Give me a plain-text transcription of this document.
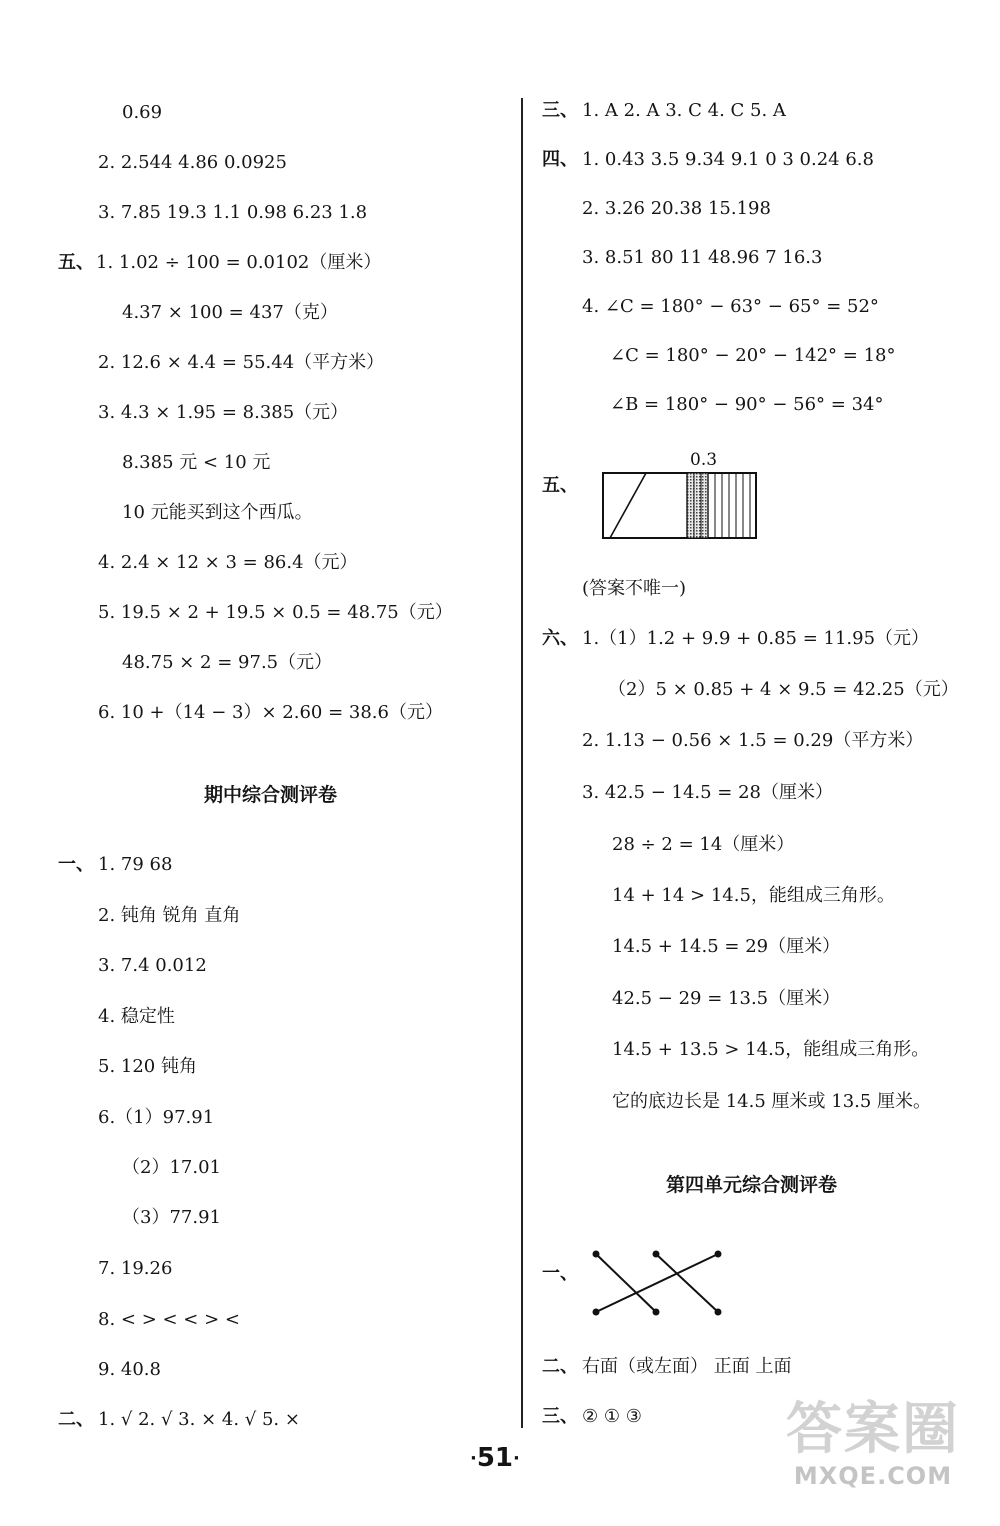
0.69
2. 2.544 4.86 0.0925
3. 7.85 19.3 1.1 0.98 6.23 1.8
五、 1. 1.02 ÷ 100 = 0.0102（厘米）
4.37 × 100 = 437（克）
2. 12.6 × 4.4 = 55.44（平方米）
3. 4.3 × 1.95 = 8.385（元）
8.385 元 < 10 元
10 元能买到这个西瓜。
4. 2.4 × 12 × 3 = 86.4（元）
5. 19.5 × 2 + 19.5 × 0.5 = 48.75（元）
48.75 × 2 = 97.5（元）
6. 10 +（14 − 3）× 2.60 = 38.6（元）
期中综合测评卷
一、 1. 79 68
2. 钝角 锐角 直角
3. 7.4 0.012
4. 稳定性
5. 120 钝角
6.（1）97.91
（2）17.01
（3）77.91
7. 19.26
8. < > < < > <
9. 40.8
二、 1. √ 2. √ 3. × 4. √ 5. ×
三、 1. A 2. A 3. C 4. C 5. A
四、 1. 0.43 3.5 9.34 9.1 0 3 0.24 6.8
2. 3.26 20.38 15.198
3. 8.51 80 11 48.96 7 16.3
4. ∠C = 180° − 63° − 65° = 52°
∠C = 180° − 20° − 142° = 18°
∠B = 180° − 90° − 56° = 34°
五、
0.3
(答案不唯一)
六、 1.（1）1.2 + 9.9 + 0.85 = 11.95（元）
（2）5 × 0.85 + 4 × 9.5 = 42.25（元）
2. 1.13 − 0.56 × 1.5 = 0.29（平方米）
3. 42.5 − 14.5 = 28（厘米）
28 ÷ 2 = 14（厘米）
14 + 14 > 14.5，能组成三角形。
14.5 + 14.5 = 29（厘米）
42.5 − 29 = 13.5（厘米）
14.5 + 13.5 > 14.5，能组成三角形。
它的底边长是 14.5 厘米或 13.5 厘米。
第四单元综合测评卷
一、
二、 右面（或左面） 正面 上面
三、 ② ① ③
·51·	答案圈
MXQE.COM
